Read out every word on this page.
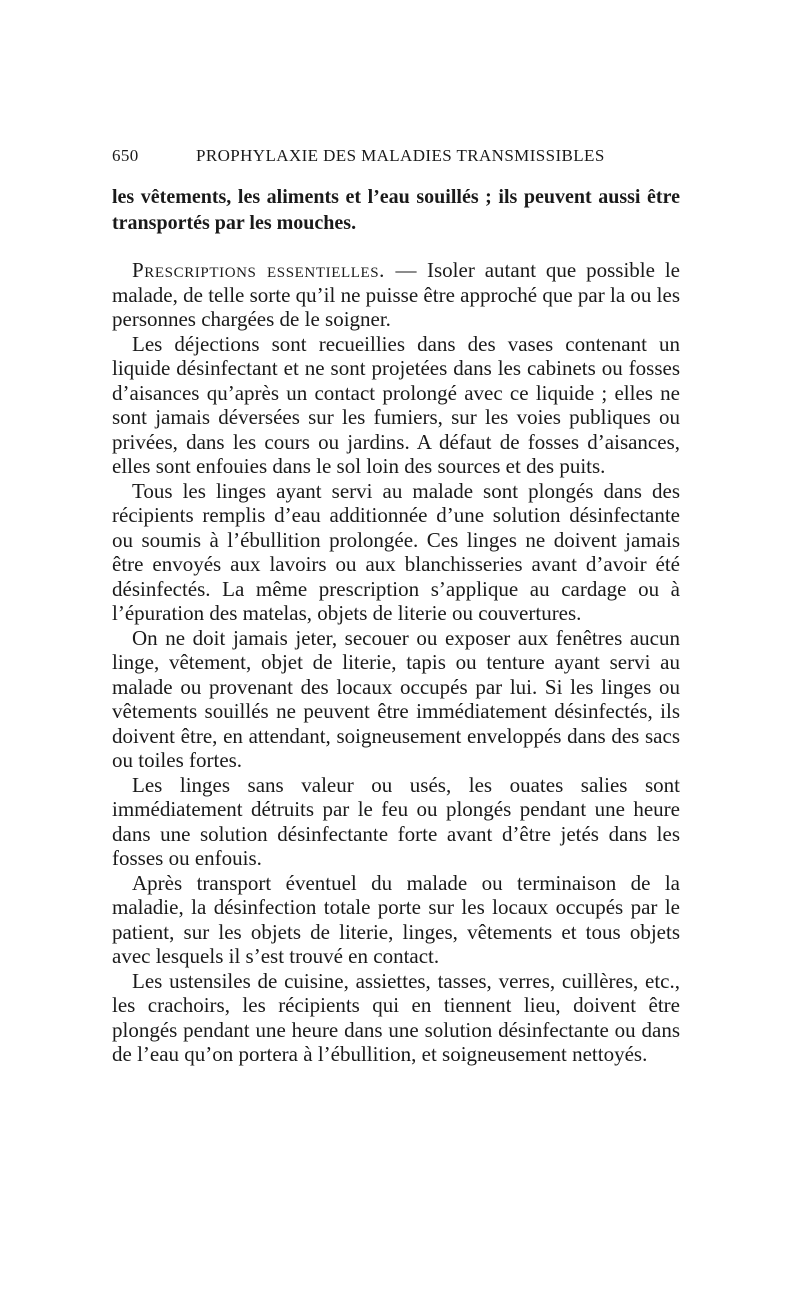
650	PROPHYLAXIE DES MALADIES TRANSMISSIBLES

les vêtements, les aliments et l’eau souillés ; ils peuvent aussi être transportés par les mouches.

Prescriptions essentielles. — Isoler autant que possible le malade, de telle sorte qu’il ne puisse être approché que par la ou les personnes chargées de le soigner.

Les déjections sont recueillies dans des vases contenant un liquide désinfectant et ne sont projetées dans les cabinets ou fosses d’aisances qu’après un contact prolongé avec ce liquide ; elles ne sont jamais déversées sur les fumiers, sur les voies publiques ou privées, dans les cours ou jardins. A défaut de fosses d’aisances, elles sont enfouies dans le sol loin des sources et des puits.

Tous les linges ayant servi au malade sont plongés dans des récipients remplis d’eau additionnée d’une solution désinfectante ou soumis à l’ébullition prolongée. Ces linges ne doivent jamais être envoyés aux lavoirs ou aux blanchisseries avant d’avoir été désinfectés. La même prescription s’applique au cardage ou à l’épuration des matelas, objets de literie ou couvertures.

On ne doit jamais jeter, secouer ou exposer aux fenêtres aucun linge, vêtement, objet de literie, tapis ou tenture ayant servi au malade ou provenant des locaux occupés par lui. Si les linges ou vêtements souillés ne peuvent être immédiatement désinfectés, ils doivent être, en attendant, soigneusement enveloppés dans des sacs ou toiles fortes.

Les linges sans valeur ou usés, les ouates salies sont immédiatement détruits par le feu ou plongés pendant une heure dans une solution désinfectante forte avant d’être jetés dans les fosses ou enfouis.

Après transport éventuel du malade ou terminaison de la maladie, la désinfection totale porte sur les locaux occupés par le patient, sur les objets de literie, linges, vêtements et tous objets avec lesquels il s’est trouvé en contact.

Les ustensiles de cuisine, assiettes, tasses, verres, cuillères, etc., les crachoirs, les récipients qui en tiennent lieu, doivent être plongés pendant une heure dans une solution désinfectante ou dans de l’eau qu’on portera à l’ébullition, et soigneusement nettoyés.
